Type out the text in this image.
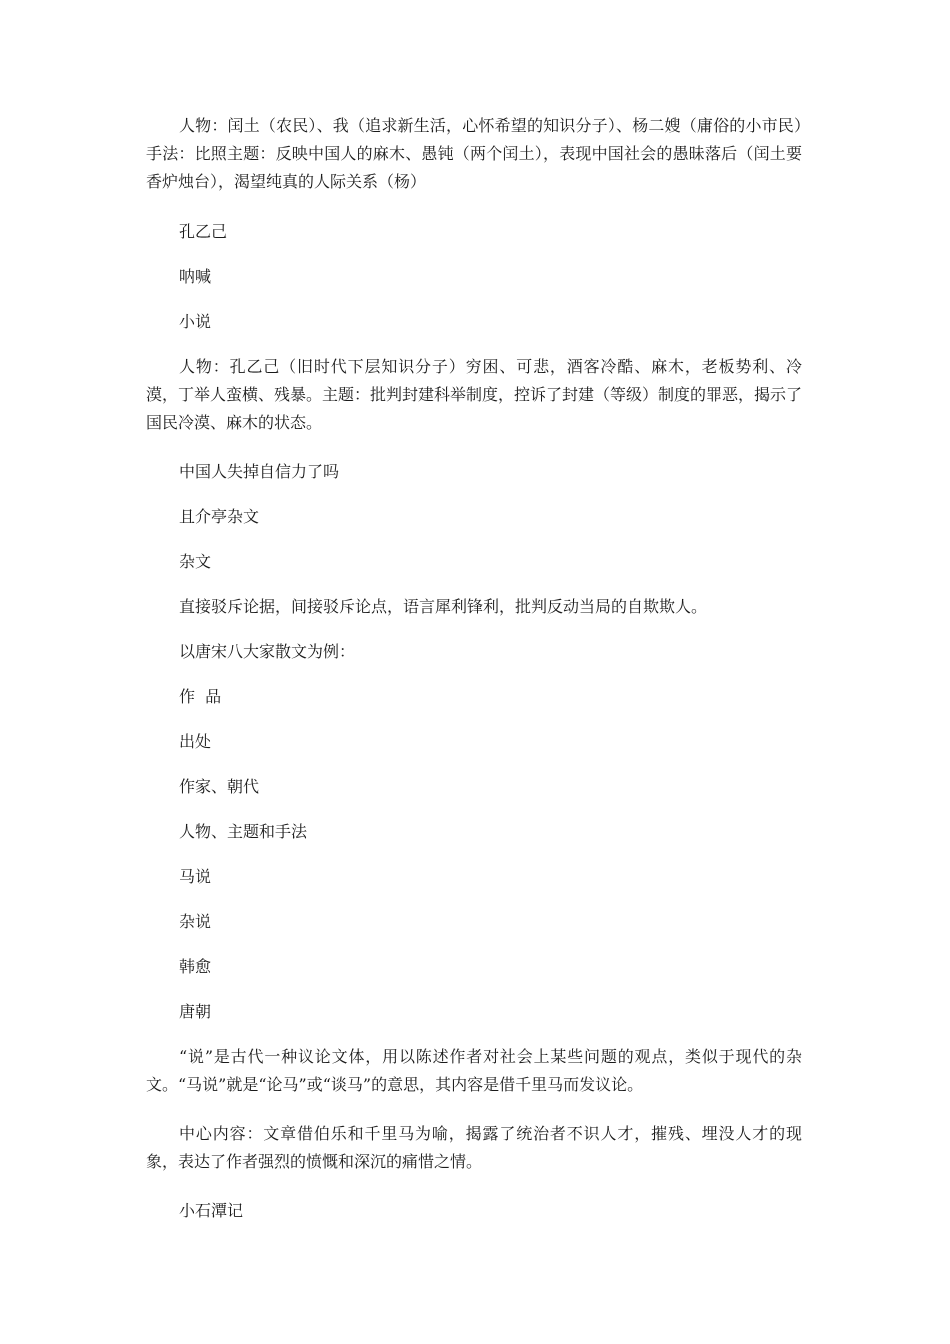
人物：闰土（农民）、我（追求新生活，心怀希望的知识分子）、杨二嫂（庸俗的小市民）手法：比照主题：反映中国人的麻木、愚钝（两个闰土），表现中国社会的愚昧落后（闰土要香炉烛台），渴望纯真的人际关系（杨）

孔乙己

呐喊

小说

人物：孔乙己（旧时代下层知识分子）穷困、可悲，酒客冷酷、麻木，老板势利、冷漠，丁举人蛮横、残暴。主题：批判封建科举制度，控诉了封建（等级）制度的罪恶，揭示了国民冷漠、麻木的状态。

中国人失掉自信力了吗

且介亭杂文

杂文

直接驳斥论据，间接驳斥论点，语言犀利锋利，批判反动当局的自欺欺人。

以唐宋八大家散文为例：

作  品

出处

作家、朝代

人物、主题和手法

马说

杂说

韩愈

唐朝

“说”是古代一种议论文体，用以陈述作者对社会上某些问题的观点，类似于现代的杂文。“马说”就是“论马”或“谈马”的意思，其内容是借千里马而发议论。

中心内容：文章借伯乐和千里马为喻，揭露了统治者不识人才，摧残、埋没人才的现象，表达了作者强烈的愤慨和深沉的痛惜之情。

小石潭记
